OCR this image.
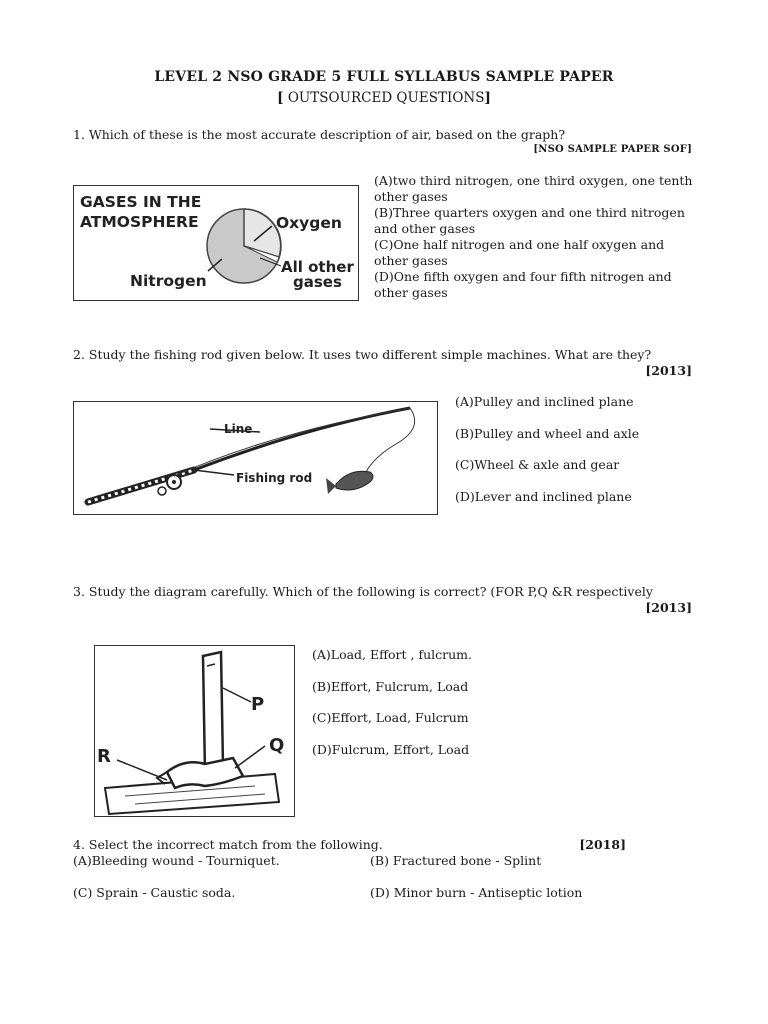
LEVEL 2 NSO GRADE 5 FULL SYLLABUS SAMPLE PAPER
[ OUTSOURCED QUESTIONS]
1. Which of these is the most accurate description of air, based on the graph?
[NSO SAMPLE PAPER SOF]
GASES IN THE
ATMOSPHERE	Oxygen
Nitrogen
All other
gases
(A)two third nitrogen, one third oxygen, one tenth other gases
(B)Three quarters oxygen and one third nitrogen and other gases
(C)One half nitrogen and one half oxygen and other gases
(D)One fifth oxygen and four fifth nitrogen and other gases
2. Study the fishing rod given below. It uses two different simple machines. What are they?
[2013]
Line
Fishing rod
(A)Pulley and inclined plane
(B)Pulley and wheel and axle
(C)Wheel & axle and gear
(D)Lever and inclined plane
3. Study the diagram carefully. Which of the following is correct? (FOR P,Q &R respectively
[2013]
P
Q
R
(A)Load, Effort , fulcrum.
(B)Effort, Fulcrum, Load
(C)Effort, Load, Fulcrum
(D)Fulcrum, Effort, Load
4. Select the incorrect match from the following.	[2018]
(A)Bleeding wound - Tourniquet.	(B) Fractured bone - Splint
(C) Sprain - Caustic soda.	(D) Minor burn - Antiseptic lotion
